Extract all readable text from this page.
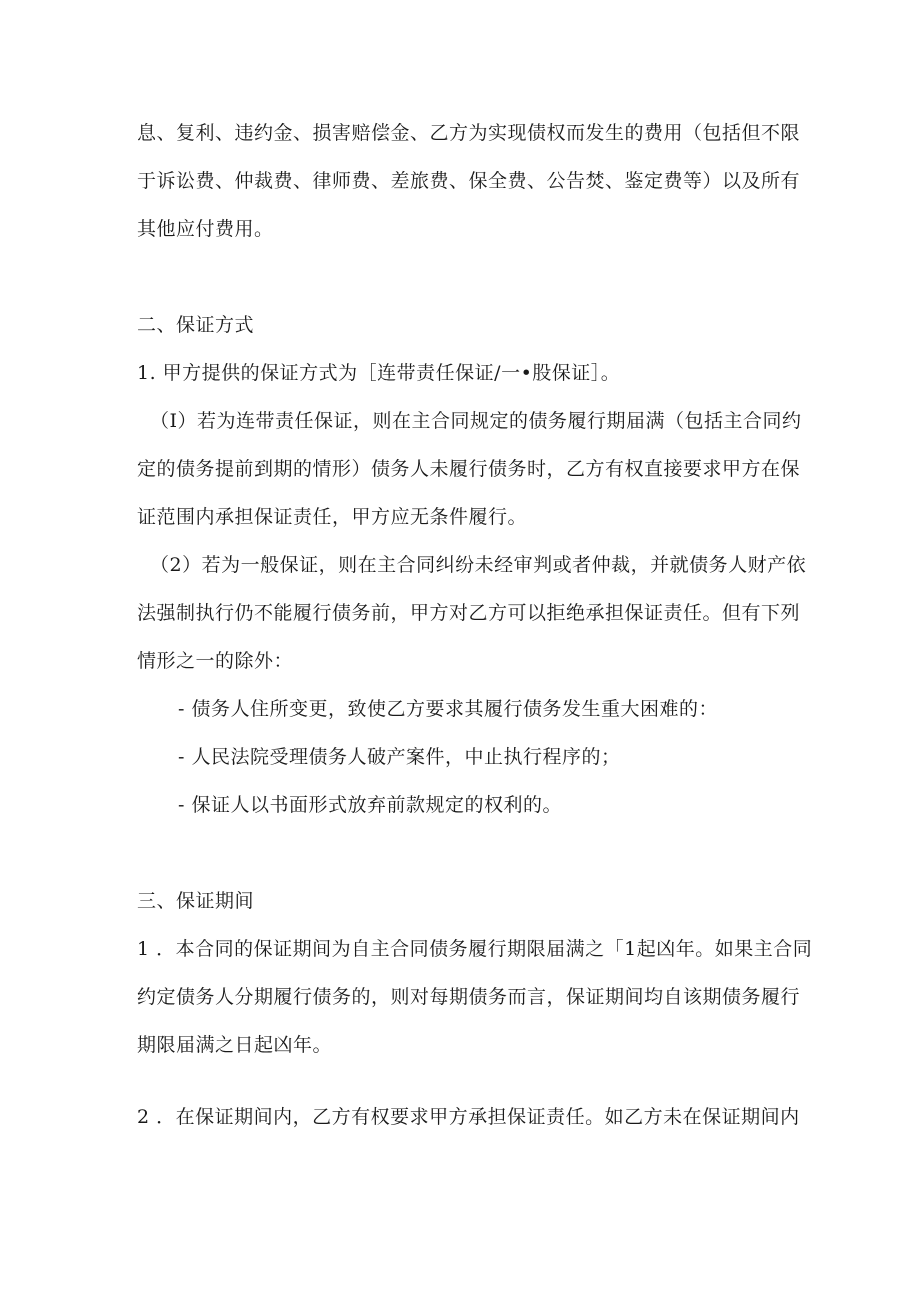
息、复利、违约金、损害赔偿金、乙方为实现债权而发生的费用（包括但不限
于诉讼费、仲裁费、律师费、差旅费、保全费、公告焚、鉴定费等）以及所有
其他应付费用。
二、保证方式
1. 甲方提供的保证方式为［连带责任保证/一•股保证］。
（I）若为连带责任保证，则在主合同规定的债务履行期届满（包括主合同约
定的债务提前到期的情形）债务人未履行债务时，乙方有权直接要求甲方在保
证范围内承担保证责任，甲方应无条件履行。
（2）若为一般保证，则在主合同纠纷未经审判或者仲裁，并就债务人财产依
法强制执行仍不能履行债务前，甲方对乙方可以拒绝承担保证责任。但有下列
情形之一的除外：
- 债务人住所变更，致使乙方要求其履行债务发生重大困难的：
- 人民法院受理债务人破产案件，中止执行程序的；
- 保证人以书面形式放弃前款规定的权利的。
三、保证期间
1 ．本合同的保证期间为自主合同债务履行期限届满之「1起凶年。如果主合同
约定债务人分期履行债务的，则对每期债务而言，保证期间均自该期债务履行
期限届满之日起凶年。
2 ．在保证期间内，乙方有权要求甲方承担保证责任。如乙方未在保证期间内
